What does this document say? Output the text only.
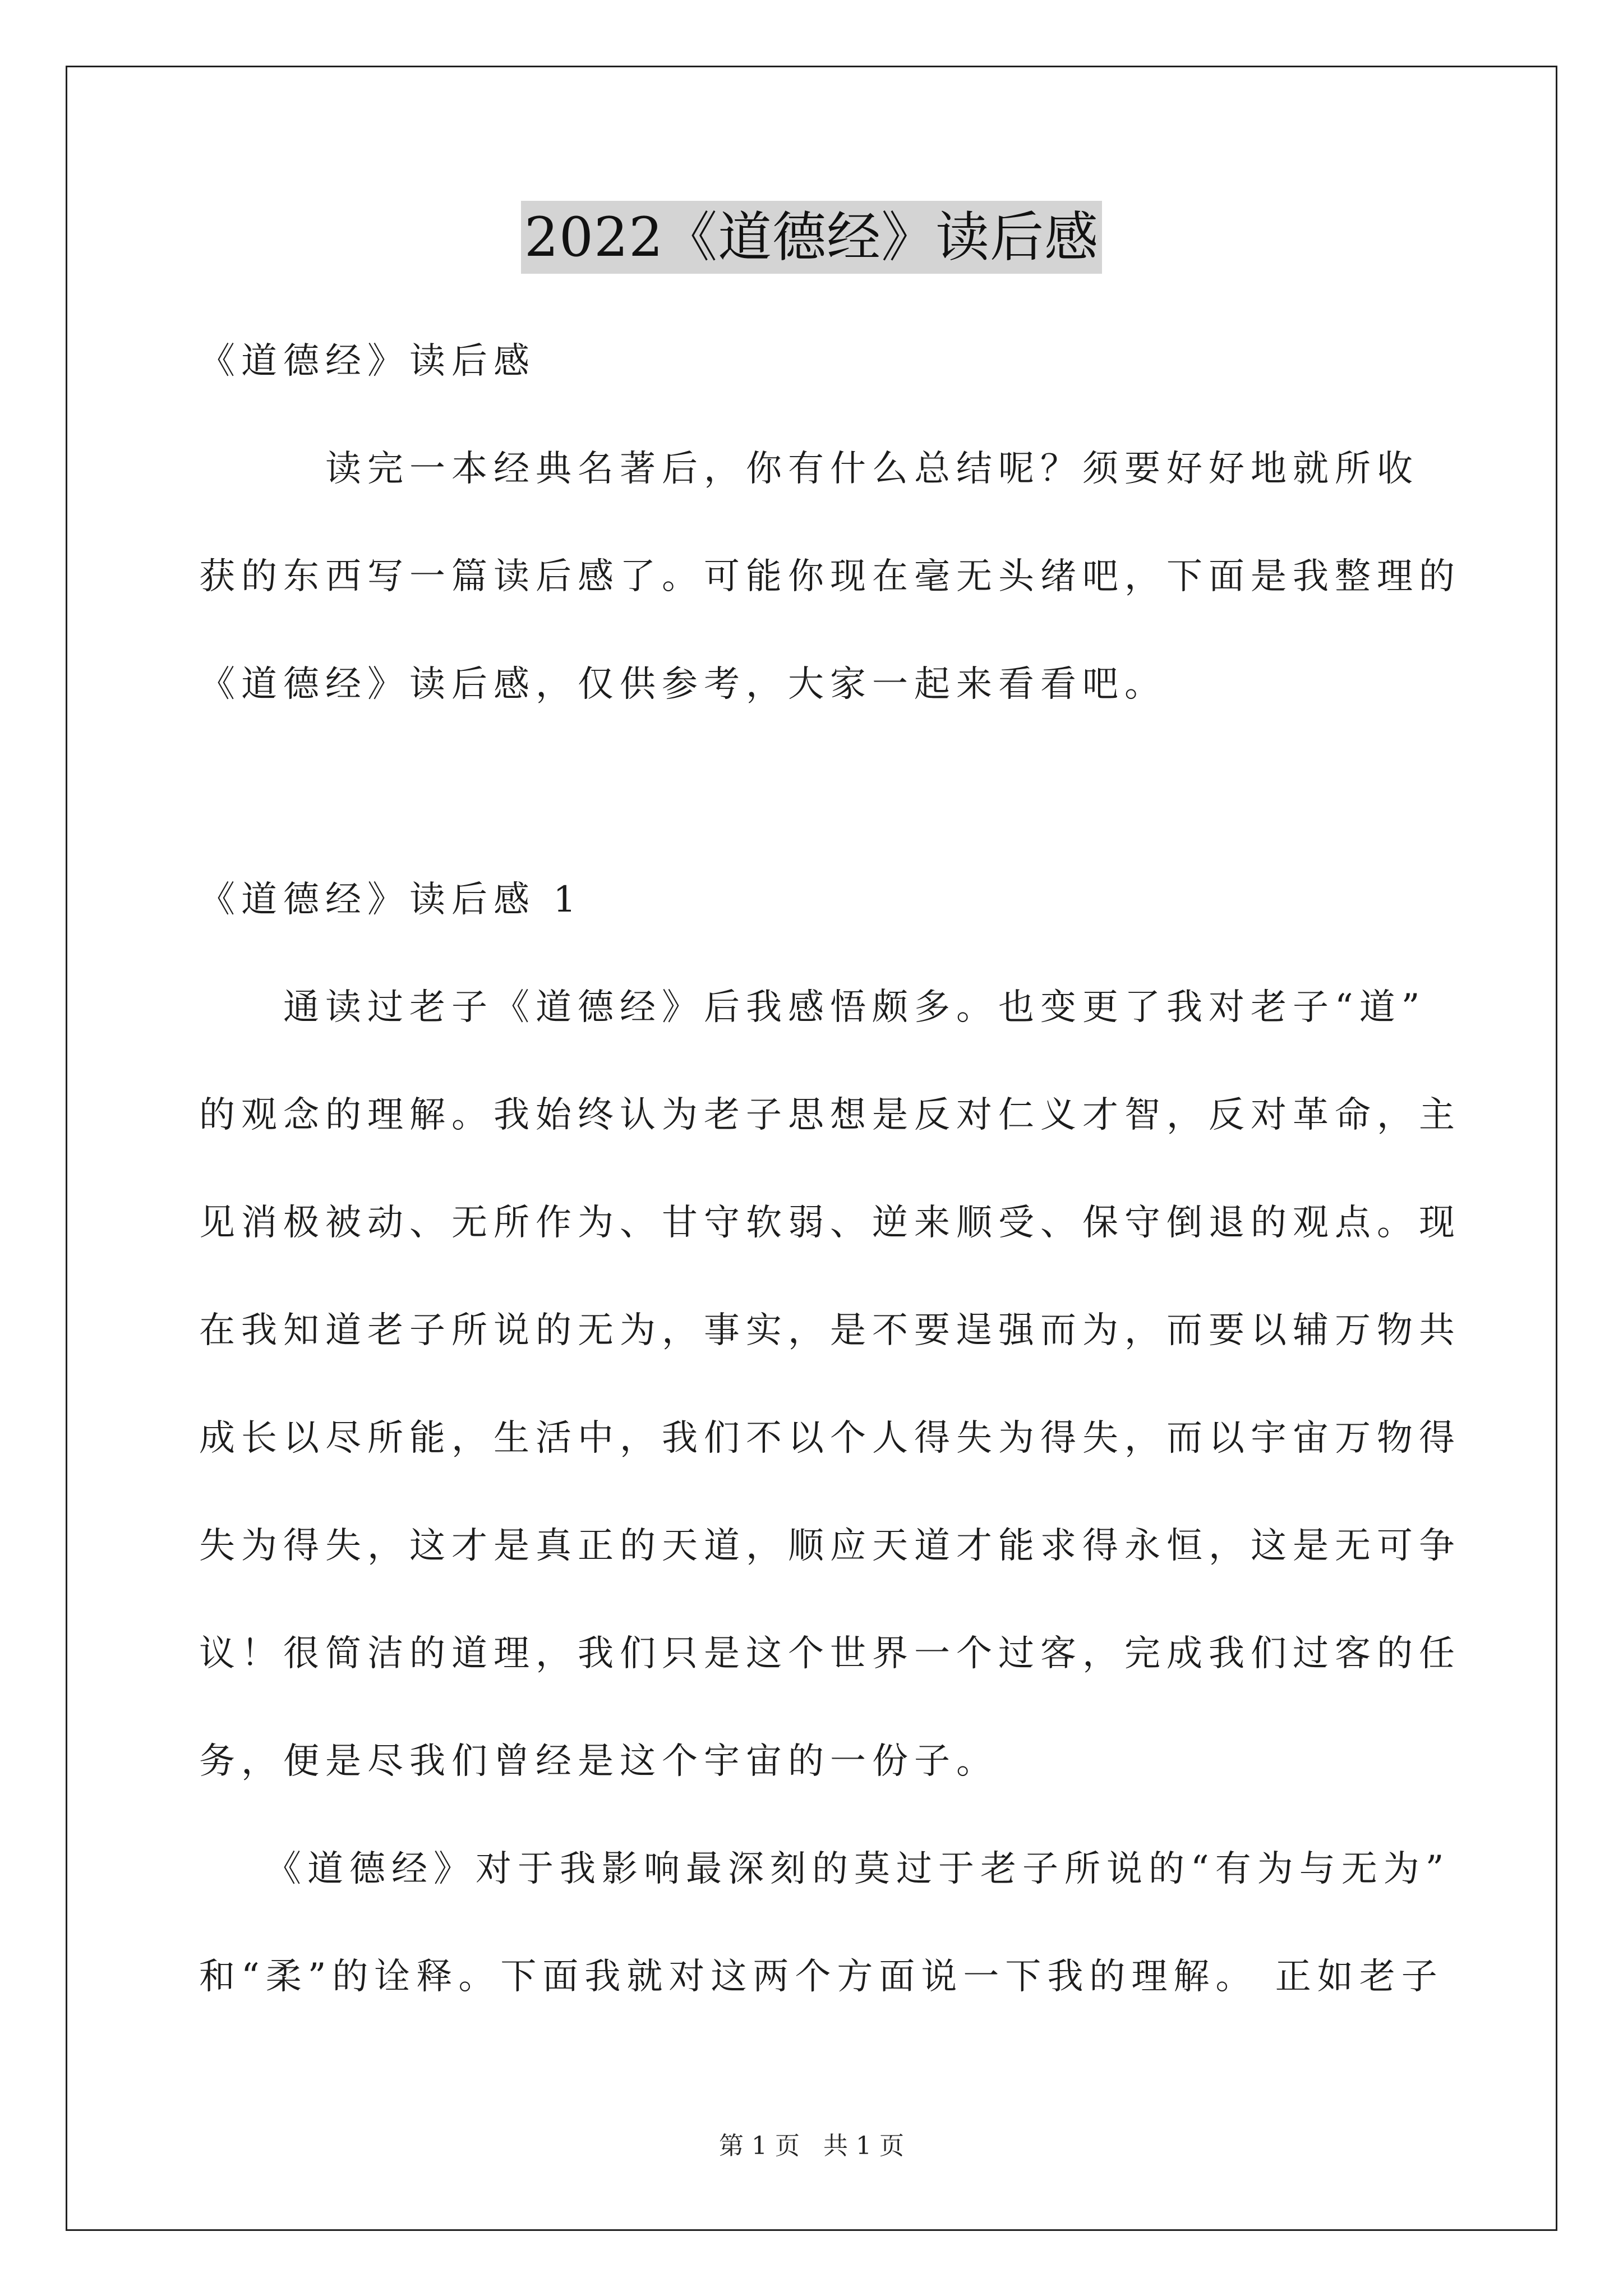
2022《道德经》读后感
《道德经》读后感
　　　读完一本经典名著后，你有什么总结呢？须要好好地就所收
获的东西写一篇读后感了。可能你现在毫无头绪吧，下面是我整理的
《道德经》读后感，仅供参考，大家一起来看看吧。
《道德经》读后感 1
　　通读过老子《道德经》后我感悟颇多。也变更了我对老子“道”
的观念的理解。我始终认为老子思想是反对仁义才智，反对革命，主
见消极被动、无所作为、甘守软弱、逆来顺受、保守倒退的观点。现
在我知道老子所说的无为，事实，是不要逞强而为，而要以辅万物共
成长以尽所能，生活中，我们不以个人得失为得失，而以宇宙万物得
失为得失，这才是真正的天道，顺应天道才能求得永恒，这是无可争
议！很简洁的道理，我们只是这个世界一个过客，完成我们过客的任
务，便是尽我们曾经是这个宇宙的一份子。
　　《道德经》对于我影响最深刻的莫过于老子所说的“有为与无为”
和“柔”的诠释。下面我就对这两个方面说一下我的理解。 正如老子
第 1 页 共 1 页
